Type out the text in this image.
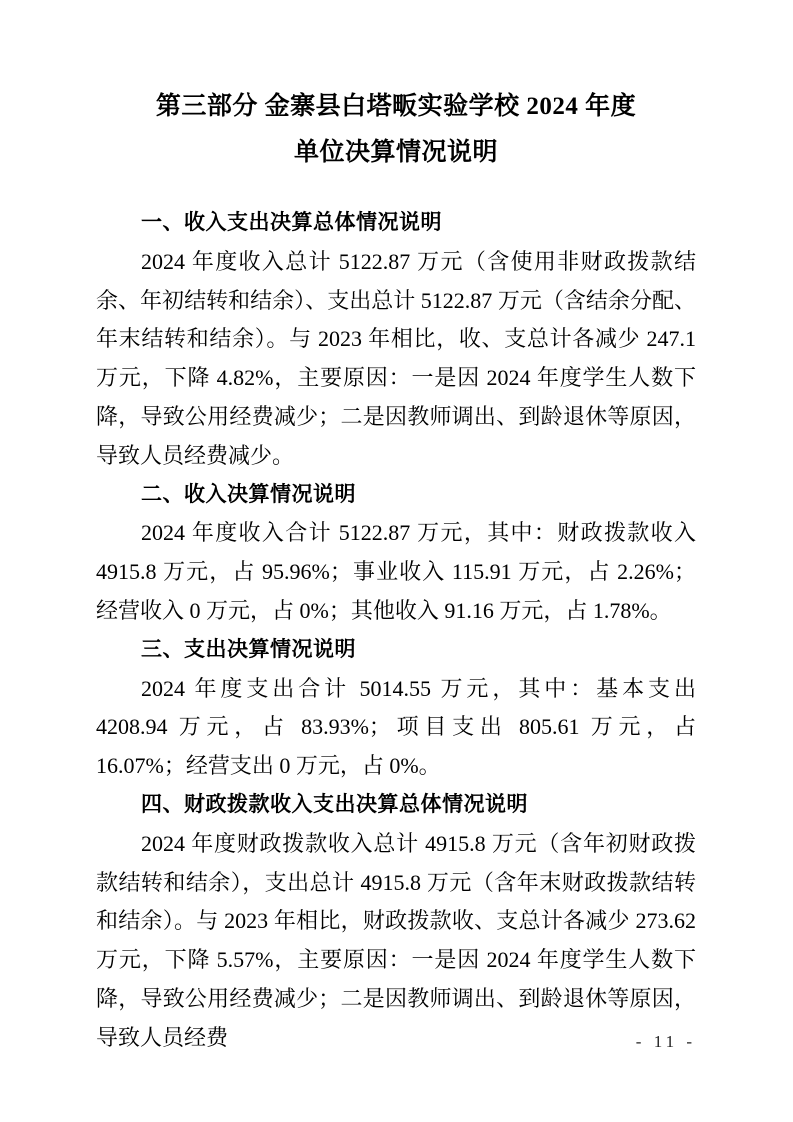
第三部分 金寨县白塔畈实验学校 2024 年度
单位决算情况说明
一、收入支出决算总体情况说明

2024 年度收入总计 5122.87 万元（含使用非财政拨款结余、年初结转和结余）、支出总计 5122.87 万元（含结余分配、年末结转和结余）。与 2023 年相比，收、支总计各减少 247.1 万元，下降 4.82%，主要原因：一是因 2024 年度学生人数下降，导致公用经费减少；二是因教师调出、到龄退休等原因，导致人员经费减少。

二、收入决算情况说明

2024 年度收入合计 5122.87 万元，其中：财政拨款收入 4915.8 万元，占 95.96%；事业收入 115.91 万元，占 2.26%；经营收入 0 万元，占 0%；其他收入 91.16 万元，占 1.78%。

三、支出决算情况说明

2024 年度支出合计 5014.55 万元，其中：基本支出 4208.94 万元，占 83.93%；项目支出 805.61 万元，占 16.07%；经营支出 0 万元，占 0%。

四、财政拨款收入支出决算总体情况说明

2024 年度财政拨款收入总计 4915.8 万元（含年初财政拨款结转和结余），支出总计 4915.8 万元（含年末财政拨款结转和结余）。与 2023 年相比，财政拨款收、支总计各减少 273.62 万元，下降 5.57%，主要原因：一是因 2024 年度学生人数下降，导致公用经费减少；二是因教师调出、到龄退休等原因，导致人员经费	- 11 -
